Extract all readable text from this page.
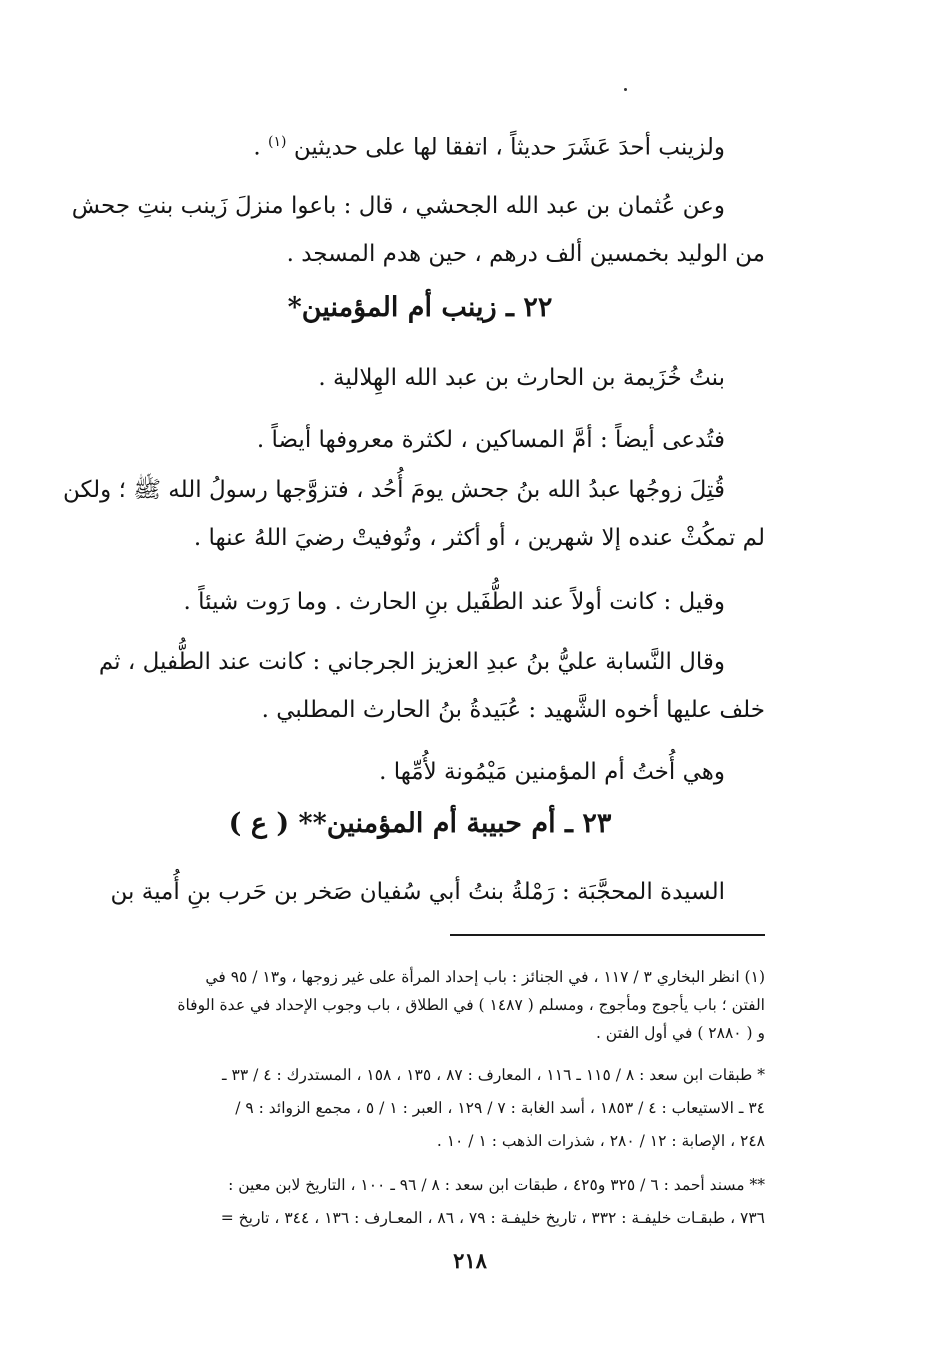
ولزينب أحدَ عَشَرَ حديثاً ، اتفقا لها على حديثين $^{(١)}$ .
وعن عُثمان بن عبد الله الجحشي ، قال : باعوا منزلَ زَينب بنتِ جحش
من الوليد بخمسين ألف درهم ، حين هدم المسجد .
٢٢ ـ زينب أم المؤمنين*
بنتُ خُزَيمة بن الحارث بن عبد الله الهِلالية .
فتُدعى أيضاً : أمَّ المساكين ، لكثرة معروفها أيضاً .
قُتِلَ زوجُها عبدُ الله بنُ جحش يومَ أُحُد ، فتزوَّجها رسولُ الله ﷺ ؛ ولكن
لم تمكُثْ عنده إلا شهرين ، أو أكثر ، وتُوفيتْ رضيَ اللهُ عنها .
وقيل : كانت أولاً عند الطُّفَيل بنِ الحارث . وما رَوت شيئاً .
وقال النَّسابة عليُّ بنُ عبدِ العزيز الجرجاني : كانت عند الطُّفيل ، ثم
خلف عليها أخوه الشَّهيد : عُبَيدةُ بنُ الحارث المطلبي .
وهي أُختُ أم المؤمنين مَيْمُونة لأُمِّها .
٢٣ ـ أم حبيبة أم المؤمنين** ( ع )
السيدة المحجَّبَة : رَمْلةُ بنتُ أبي سُفيان صَخر بن حَرب بنِ أُمية بن
(١) انظر البخاري ٣ / ١١٧ ، في الجنائز : باب إحداد المرأة على غير زوجها ، و١٣ / ٩٥ في
الفتن ؛ باب يأجوج ومأجوج ، ومسلم ( ١٤٨٧ ) في الطلاق ، باب وجوب الإحداد في عدة الوفاة
و ( ٢٨٨٠ ) في أول الفتن .
* طبقات ابن سعد : ٨ / ١١٥ ـ ١١٦ ، المعارف : ٨٧ ، ١٣٥ ، ١٥٨ ، المستدرك : ٤ / ٣٣ ـ
٣٤ ـ الاستيعاب : ٤ / ١٨٥٣ ، أسد الغابة : ٧ / ١٢٩ ، العبر : ١ / ٥ ، مجمع الزوائد : ٩ /
٢٤٨ ، الإصابة : ١٢ / ٢٨٠ ، شذرات الذهب : ١ / ١٠ .
** مسند أحمد : ٦ / ٣٢٥ و٤٢٥ ، طبقات ابن سعد : ٨ / ٩٦ ـ ١٠٠ ، التاريخ لابن معين :
٧٣٦ ، طبقـات خليفـة : ٣٣٢ ، تاريخ خليفـة : ٧٩ ، ٨٦ ، المعـارف : ١٣٦ ، ٣٤٤ ، تاريخ =
٢١٨
